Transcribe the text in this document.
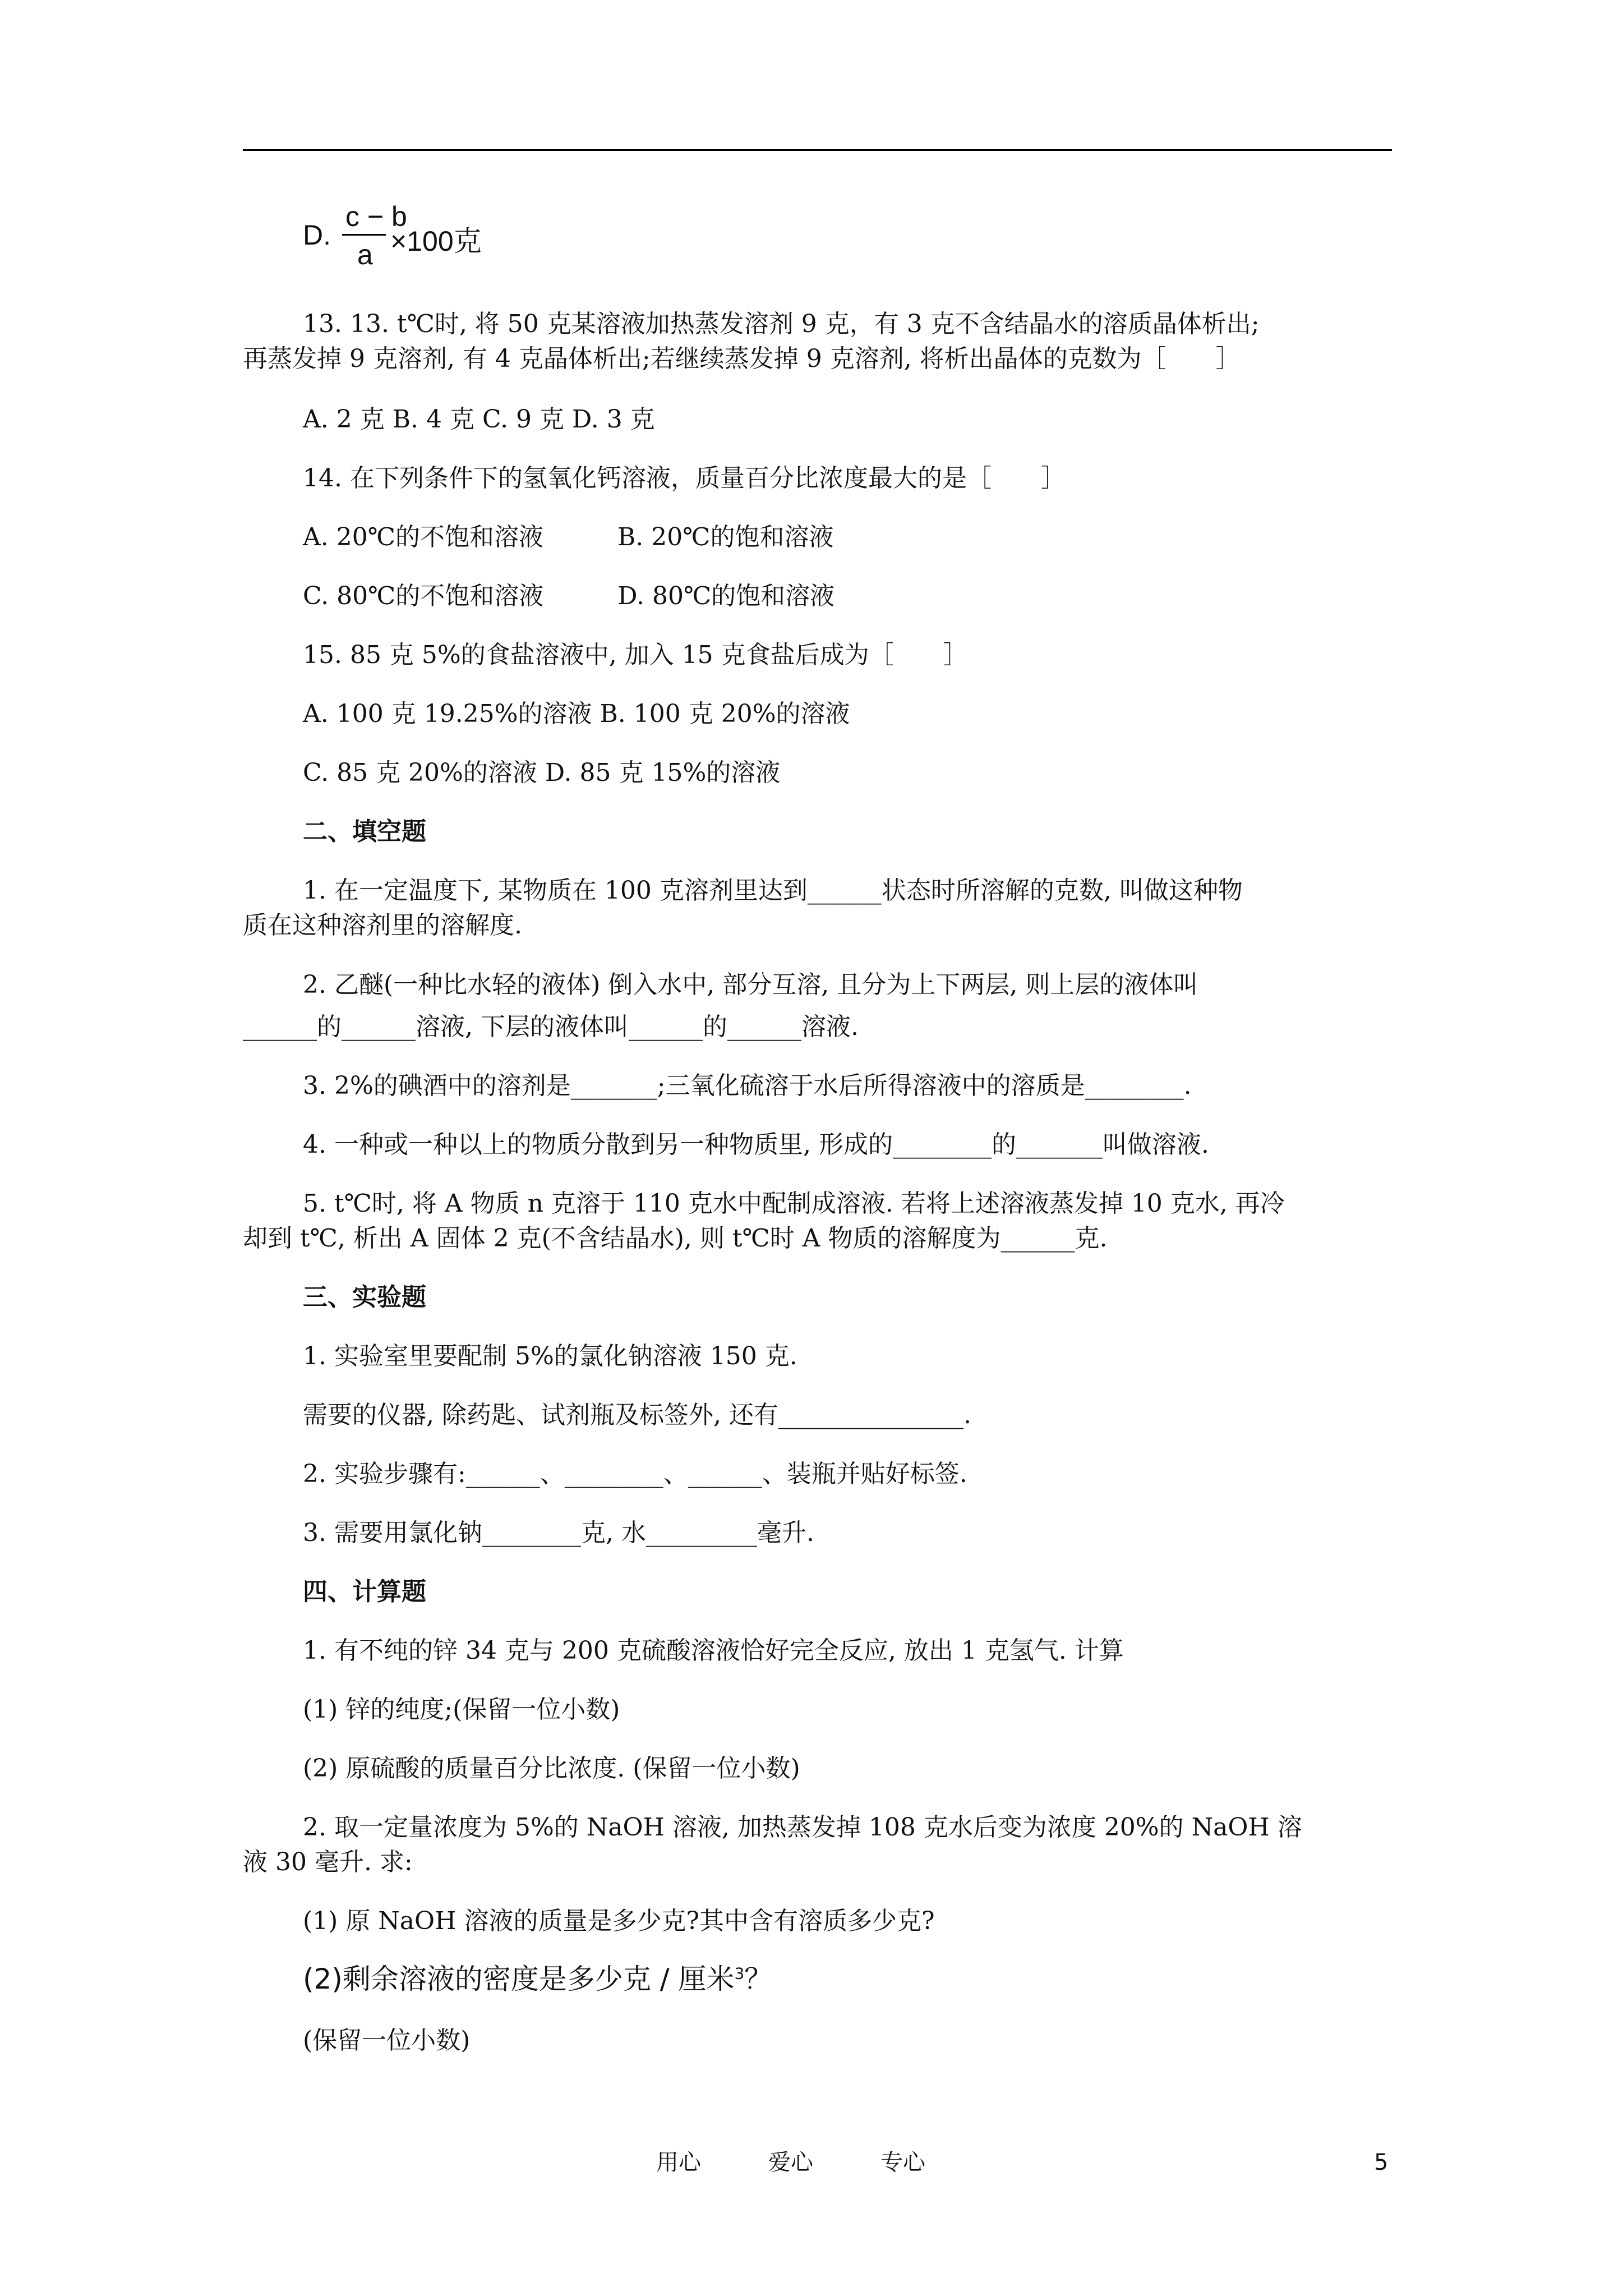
D.
c − b
a ×100克
13. 13. t℃时, 将 50 克某溶液加热蒸发溶剂 9 克，有 3 克不含结晶水的溶质晶体析出;
再蒸发掉 9 克溶剂, 有 4 克晶体析出;若继续蒸发掉 9 克溶剂, 将析出晶体的克数为［　　］
A. 2 克 B. 4 克 C. 9 克 D. 3 克
14. 在下列条件下的氢氧化钙溶液，质量百分比浓度最大的是［　　］
A. 20℃的不饱和溶液　　　B. 20℃的饱和溶液
C. 80℃的不饱和溶液　　　D. 80℃的饱和溶液
15. 85 克 5%的食盐溶液中, 加入 15 克食盐后成为［　　］
A. 100 克 19.25%的溶液 B. 100 克 20%的溶液
C. 85 克 20%的溶液 D. 85 克 15%的溶液
二、填空题
1. 在一定温度下, 某物质在 100 克溶剂里达到______状态时所溶解的克数, 叫做这种物
质在这种溶剂里的溶解度.
2. 乙醚(一种比水轻的液体) 倒入水中, 部分互溶, 且分为上下两层, 则上层的液体叫
______的______溶液, 下层的液体叫______的______溶液.
3. 2%的碘酒中的溶剂是_______;三氧化硫溶于水后所得溶液中的溶质是________.
4. 一种或一种以上的物质分散到另一种物质里, 形成的________的_______叫做溶液.
5. t℃时, 将 A 物质 n 克溶于 110 克水中配制成溶液. 若将上述溶液蒸发掉 10 克水, 再冷
却到 t℃, 析出 A 固体 2 克(不含结晶水), 则 t℃时 A 物质的溶解度为______克.
三、实验题
1. 实验室里要配制 5%的氯化钠溶液 150 克.
需要的仪器, 除药匙、试剂瓶及标签外, 还有_______________.
2. 实验步骤有:______、________、______、装瓶并贴好标签.
3. 需要用氯化钠________克, 水_________毫升.
四、计算题
1. 有不纯的锌 34 克与 200 克硫酸溶液恰好完全反应, 放出 1 克氢气. 计算
(1) 锌的纯度;(保留一位小数)
(2) 原硫酸的质量百分比浓度. (保留一位小数)
2. 取一定量浓度为 5%的 NaOH 溶液, 加热蒸发掉 108 克水后变为浓度 20%的 NaOH 溶
液 30 毫升. 求:
(1) 原 NaOH 溶液的质量是多少克?其中含有溶质多少克?
(2)剩余溶液的密度是多少克 / 厘米$^3$？
(保留一位小数)
用心	爱心	专心	5
